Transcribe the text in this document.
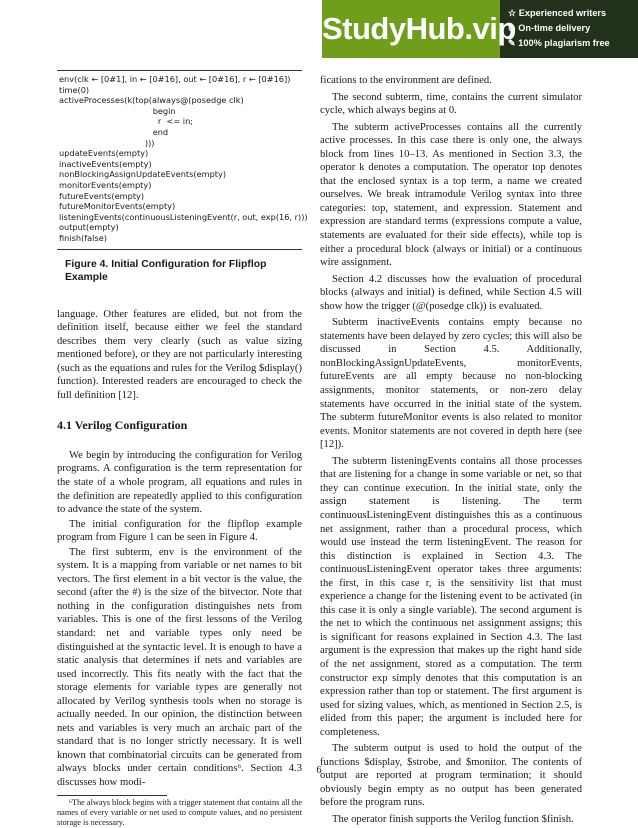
StudyHub.vip
☆ Experienced writers
⊙ On-time delivery
✎ 100% plagiarism free
env(clk ← [0#1], in ← [0#16], out ← [0#16], r ← [0#16])
time(0)
activeProcesses(k(top(always@(posedge clk)
begin
r  <= in;
end
)))
updateEvents(empty)
inactiveEvents(empty)
nonBlockingAssignUpdateEvents(empty)
monitorEvents(empty)
futureEvents(empty)
futureMonitorEvents(empty)
listeningEvents(continuousListeningEvent(r, out, exp(16, r)))
output(empty)
finish(false)
Figure 4. Initial Configuration for Flipflop Example

language. Other features are elided, but not from the definition itself, because either we feel the standard describes them very clearly (such as value sizing mentioned before), or they are not particularly interesting (such as the equations and rules for the Verilog $display() function). Interested readers are encouraged to check the full definition [12].

4.1 Verilog Configuration

We begin by introducing the configuration for Verilog programs. A configuration is the term representation for the state of a whole program, all equations and rules in the definition are repeatedly applied to this configuration to advance the state of the system.

The initial configuration for the flipflop example program from Figure 1 can be seen in Figure 4.

The first subterm, env is the environment of the system. It is a mapping from variable or net names to bit vectors. The first element in a bit vector is the value, the second (after the #) is the size of the bitvector. Note that nothing in the configuration distinguishes nets from variables. This is one of the first lessons of the Verilog standard: net and variable types only need be distinguished at the syntactic level. It is enough to have a static analysis that determines if nets and variables are used incorrectly. This fits neatly with the fact that the storage elements for variable types are generally not allocated by Verilog synthesis tools when no storage is actually needed. In our opinion, the distinction between nets and variables is very much an archaic part of the standard that is no longer strictly necessary. It is well known that combinatorial circuits can be generated from always blocks under certain conditions⁶. Section 4.3 discusses how modi-

⁶The always block begins with a trigger statement that contains all the names of every variable or net used to compute values, and no persistent storage is necessary.

fications to the environment are defined.

The second subterm, time, contains the current simulator cycle, which always begins at 0.

The subterm activeProcesses contains all the currently active processes. In this case there is only one, the always block from lines 10–13. As mentioned in Section 3.3, the operator k denotes a computation. The operator top denotes that the enclosed syntax is a top term, a name we created ourselves. We break intramodule Verilog syntax into three categories: top, statement, and expression. Statement and expression are standard terms (expressions compute a value, statements are evaluated for their side effects), while top is either a procedural block (always or initial) or a continuous wire assignment.

Section 4.2 discusses how the evaluation of procedural blocks (always and initial) is defined, while Section 4.5 will show how the trigger (@(posedge clk)) is evaluated.

Subterm inactiveEvents contains empty because no statements have been delayed by zero cycles; this will also be discussed in Section 4.5. Additionally, nonBlockingAssignUpdateEvents, monitorEvents, futureEvents are all empty because no non-blocking assignments, monitor statements, or non-zero delay statements have occurred in the initial state of the system. The subterm futureMonitor events is also related to monitor events. Monitor statements are not covered in depth here (see [12]).

The subterm listeningEvents contains all those processes that are listening for a change in some variable or net, so that they can continue execution. In the initial state, only the assign statement is listening. The term continuousListeningEvent distinguishes this as a continuous net assignment, rather than a procedural process, which would use instead the term listeningEvent. The reason for this distinction is explained in Section 4.3. The continuousListeningEvent operator takes three arguments: the first, in this case r, is the sensitivity list that must experience a change for the listening event to be activated (in this case it is only a single variable). The second argument is the net to which the continuous net assignment assigns; this is significant for reasons explained in Section 4.3. The last argument is the expression that makes up the right hand side of the net assignment, stored as a computation. The term constructor exp simply denotes that this computation is an expression rather than top or statement. The first argument is used for sizing values, which, as mentioned in Section 2.5, is elided from this paper; the argument is included here for completeness.

The subterm output is used to hold the output of the functions $display, $strobe, and $monitor. The contents of output are reported at program termination; it should obviously begin empty as no output has been generated before the program runs.

The operator finish supports the Verilog function $finish.

6
